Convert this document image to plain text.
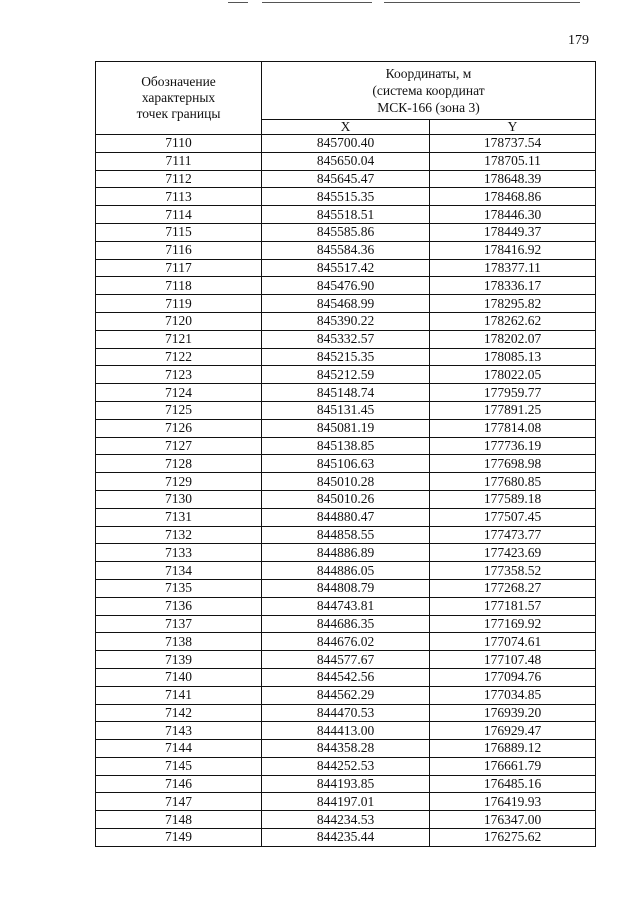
179
Обозначение
характерных
точек границы	Координаты, м
(система координат
МСК-166 (зона 3)	

	X	Y
7110	845700.40	178737.54
7111	845650.04	178705.11
7112	845645.47	178648.39
7113	845515.35	178468.86
7114	845518.51	178446.30
7115	845585.86	178449.37
7116	845584.36	178416.92
7117	845517.42	178377.11
7118	845476.90	178336.17
7119	845468.99	178295.82
7120	845390.22	178262.62
7121	845332.57	178202.07
7122	845215.35	178085.13
7123	845212.59	178022.05
7124	845148.74	177959.77
7125	845131.45	177891.25
7126	845081.19	177814.08
7127	845138.85	177736.19
7128	845106.63	177698.98
7129	845010.28	177680.85
7130	845010.26	177589.18
7131	844880.47	177507.45
7132	844858.55	177473.77
7133	844886.89	177423.69
7134	844886.05	177358.52
7135	844808.79	177268.27
7136	844743.81	177181.57
7137	844686.35	177169.92
7138	844676.02	177074.61
7139	844577.67	177107.48
7140	844542.56	177094.76
7141	844562.29	177034.85
7142	844470.53	176939.20
7143	844413.00	176929.47
7144	844358.28	176889.12
7145	844252.53	176661.79
7146	844193.85	176485.16
7147	844197.01	176419.93
7148	844234.53	176347.00
7149	844235.44	176275.62
